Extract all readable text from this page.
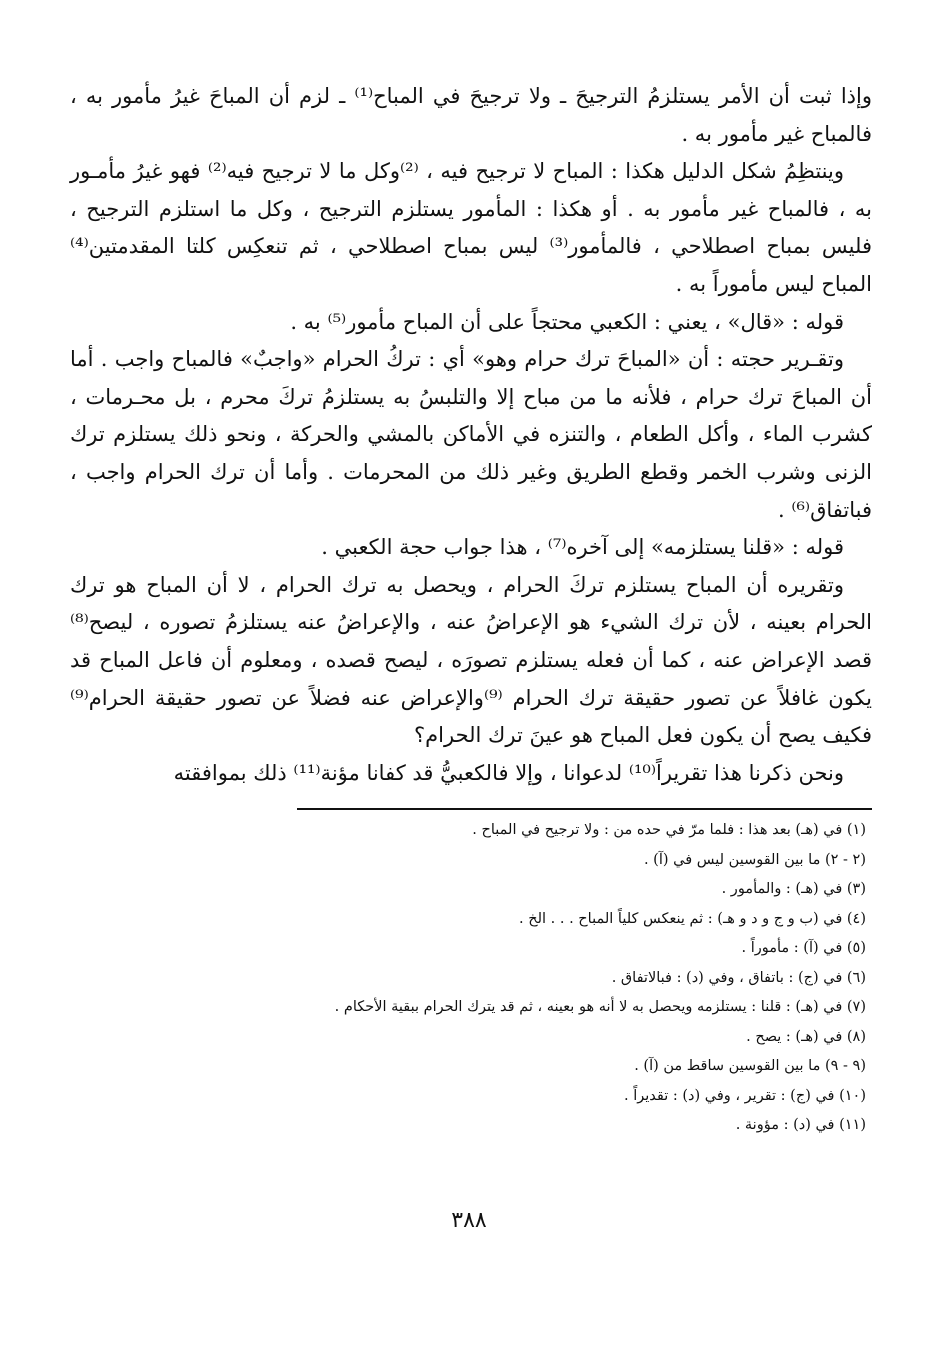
وإذا ثبت أن الأمر يستلزمُ الترجيحَ ـ ولا ترجيحَ في المباح⁽¹⁾ ـ لزم أن المباحَ غيرُ مأمور به ، فالمباح غير مأمور به .

وينتظِمُ شكل الدليل هكذا : المباح لا ترجيح فيه ، ⁽²⁾وكل ما لا ترجيح فيه⁽²⁾ فهو غيرُ مأمـور به ، فالمباح غير مأمور به . أو هكذا : المأمور يستلزم الترجيح ، وكل ما استلزم الترجيح ، فليس بمباح اصطلاحي ، فالمأمور⁽³⁾ ليس بمباح اصطلاحي ، ثم تنعكِس كلتا المقدمتين⁽⁴⁾ المباح ليس مأموراً به .

قوله : «قال» ، يعني : الكعبي محتجاً على أن المباح مأمور⁽⁵⁾ به .

وتقـرير حجته : أن «المباحَ ترك حرام وهو» أي : تركُ الحرام «واجبٌ» فالمباح واجب . أما أن المباحَ ترك حرام ، فلأنه ما من مباح إلا والتلبسُ به يستلزمُ تركَ محرم ، بل محـرمات ، كشرب الماء ، وأكل الطعام ، والتنزه في الأماكن بالمشي والحركة ، ونحو ذلك يستلزم ترك الزنى وشرب الخمر وقطع الطريق وغير ذلك من المحرمات . وأما أن ترك الحرام واجب ، فباتفاق⁽⁶⁾ .

قوله : «قلنا يستلزمه» إلى آخره⁽⁷⁾ ، هذا جواب حجة الكعبي .

وتقريره أن المباح يستلزم تركَ الحرام ، ويحصل به ترك الحرام ، لا أن المباح هو ترك الحرام بعينه ، لأن ترك الشيء هو الإعراضُ عنه ، والإعراضُ عنه يستلزمُ تصوره ، ليصح⁽⁸⁾ قصد الإعراض عنه ، كما أن فعله يستلزم تصورَه ، ليصح قصده ، ومعلوم أن فاعل المباح قد يكون غافلاً عن تصور حقيقة ترك الحرام ⁽⁹⁾والإعراض عنه فضلاً عن تصور حقيقة الحرام⁽⁹⁾ فكيف يصح أن يكون فعل المباح هو عينَ ترك الحرام؟

ونحن ذكرنا هذا تقريراً⁽¹⁰⁾ لدعوانا ، وإلا فالكعبيُّ قد كفانا مؤنة⁽¹¹⁾ ذلك بموافقته

(١) في (هـ) بعد هذا : فلما مرّ في حده من : ولا ترجيح في المباح .

(٢ - ٢) ما بين القوسين ليس في (آ) .

(٣) في (هـ) : والمأمور .

(٤) في (ب و ج و د و هـ) : ثم ينعكس كلياً المباح . . . الخ .

(٥) في (آ) : مأموراً .

(٦) في (ج) : باتفاق ، وفي (د) : فبالاتفاق .

(٧) في (هـ) : قلنا : يستلزمه ويحصل به لا أنه هو بعينه ، ثم قد يترك الحرام ببقية الأحكام .

(٨) في (هـ) : يصح .

(٩ - ٩) ما بين القوسين ساقط من (آ) .

(١٠) في (ج) : تقرير ، وفي (د) : تقديراً .

(١١) في (د) : مؤونة .

٣٨٨
